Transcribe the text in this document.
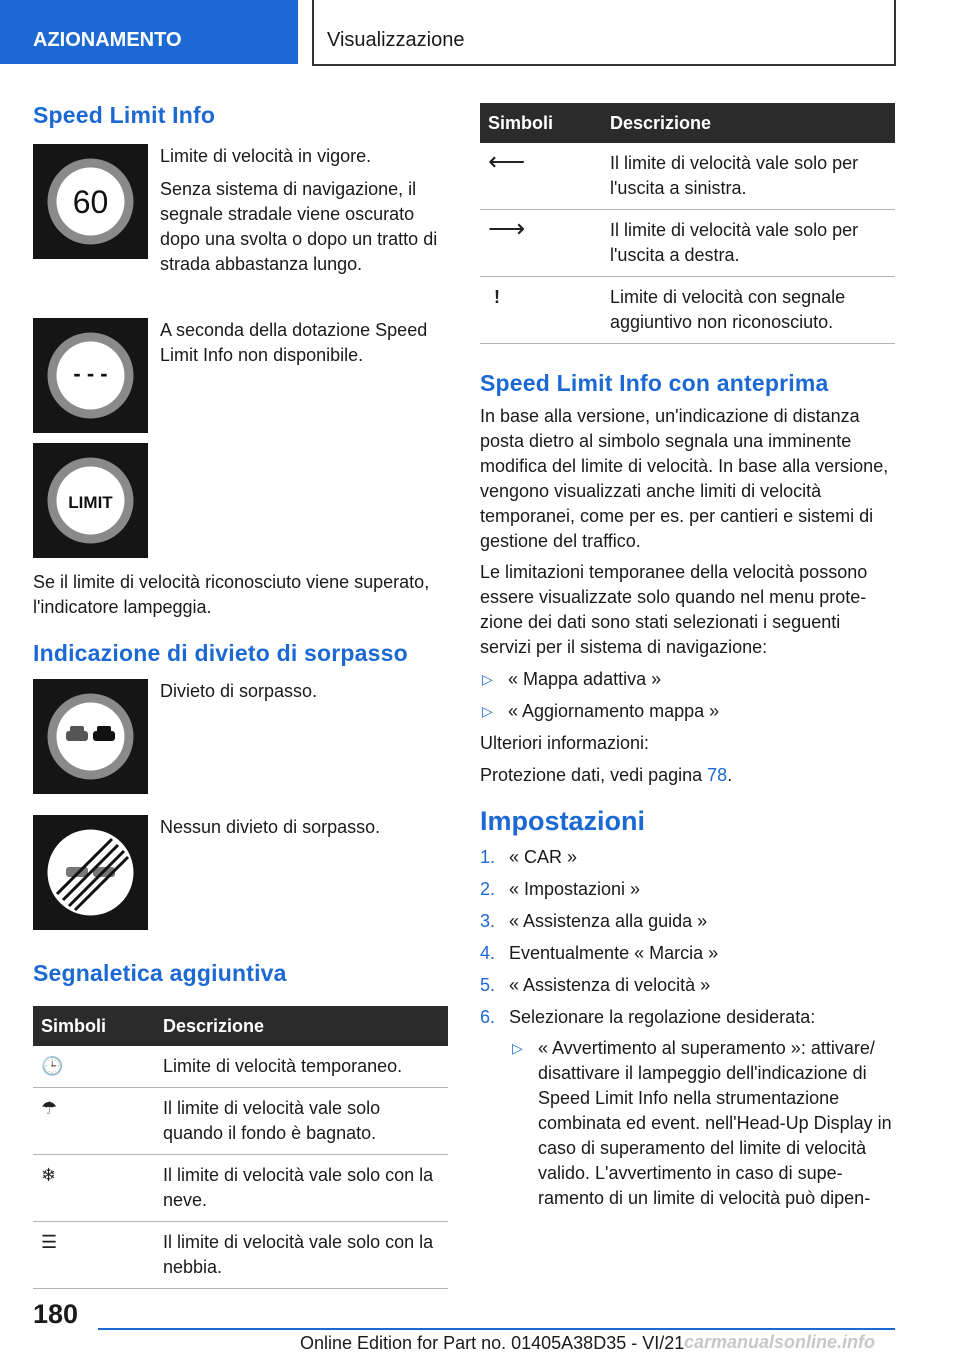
AZIONAMENTO	Visualizzazione
Speed Limit Info
60

Limite di velocità in vigore.

Senza sistema di navigazione, il segnale stradale viene oscurato dopo una svolta o dopo un tratto di strada abbastanza lungo.

- - -

A seconda della dotazione Speed Limit Info non disponibile.

LIMIT

Se il limite di velocità riconosciuto viene superato, l'indicatore lampeggia.

Indicazione di divieto di sorpasso

Divieto di sorpasso.

Nessun divieto di sorpasso.

Segnaletica aggiuntiva
Simboli	Descrizione
🕒	Limite di velocità temporaneo.
☂	Il limite di velocità vale solo quando il fondo è bagnato.
❄	Il limite di velocità vale solo con la neve.
☰	Il limite di velocità vale solo con la nebbia.
Simboli	Descrizione
⟵	Il limite di velocità vale solo per l'uscita a sinistra.
⟶	Il limite di velocità vale solo per l'uscita a destra.
!	Limite di velocità con segnale aggiuntivo non riconosciuto.
Speed Limit Info con anteprima

In base alla versione, un'indicazione di distanza posta dietro al simbolo segnala una imminente modifica del limite di velocità. In base alla versione, vengono visualizzati anche limiti di velocità temporanei, come per es. per cantieri e sistemi di gestione del traffico.

Le limitazioni temporanee della velocità possono essere visualizzate solo quando nel menu protezione dei dati sono stati selezionati i seguenti servizi per il sistema di navigazione:

▷ « Mappa adattiva »
▷ « Aggiornamento mappa »

Ulteriori informazioni:

Protezione dati, vedi pagina 78.

Impostazioni
1. « CAR »
2. « Impostazioni »
3. « Assistenza alla guida »
4. Eventualmente « Marcia »
5. « Assistenza di velocità »
6. Selezionare la regolazione desiderata:
▷ « Avvertimento al superamento »: attivare/ disattivare il lampeggio dell'indicazione di Speed Limit Info nella strumentazione combinata ed event. nell'Head-Up Display in caso di superamento del limite di velocità valido. L'avvertimento in caso di superamento di un limite di velocità può dipen-
180
Online Edition for Part no. 01405A38D35 - VI/21 carmanualsonline.info
